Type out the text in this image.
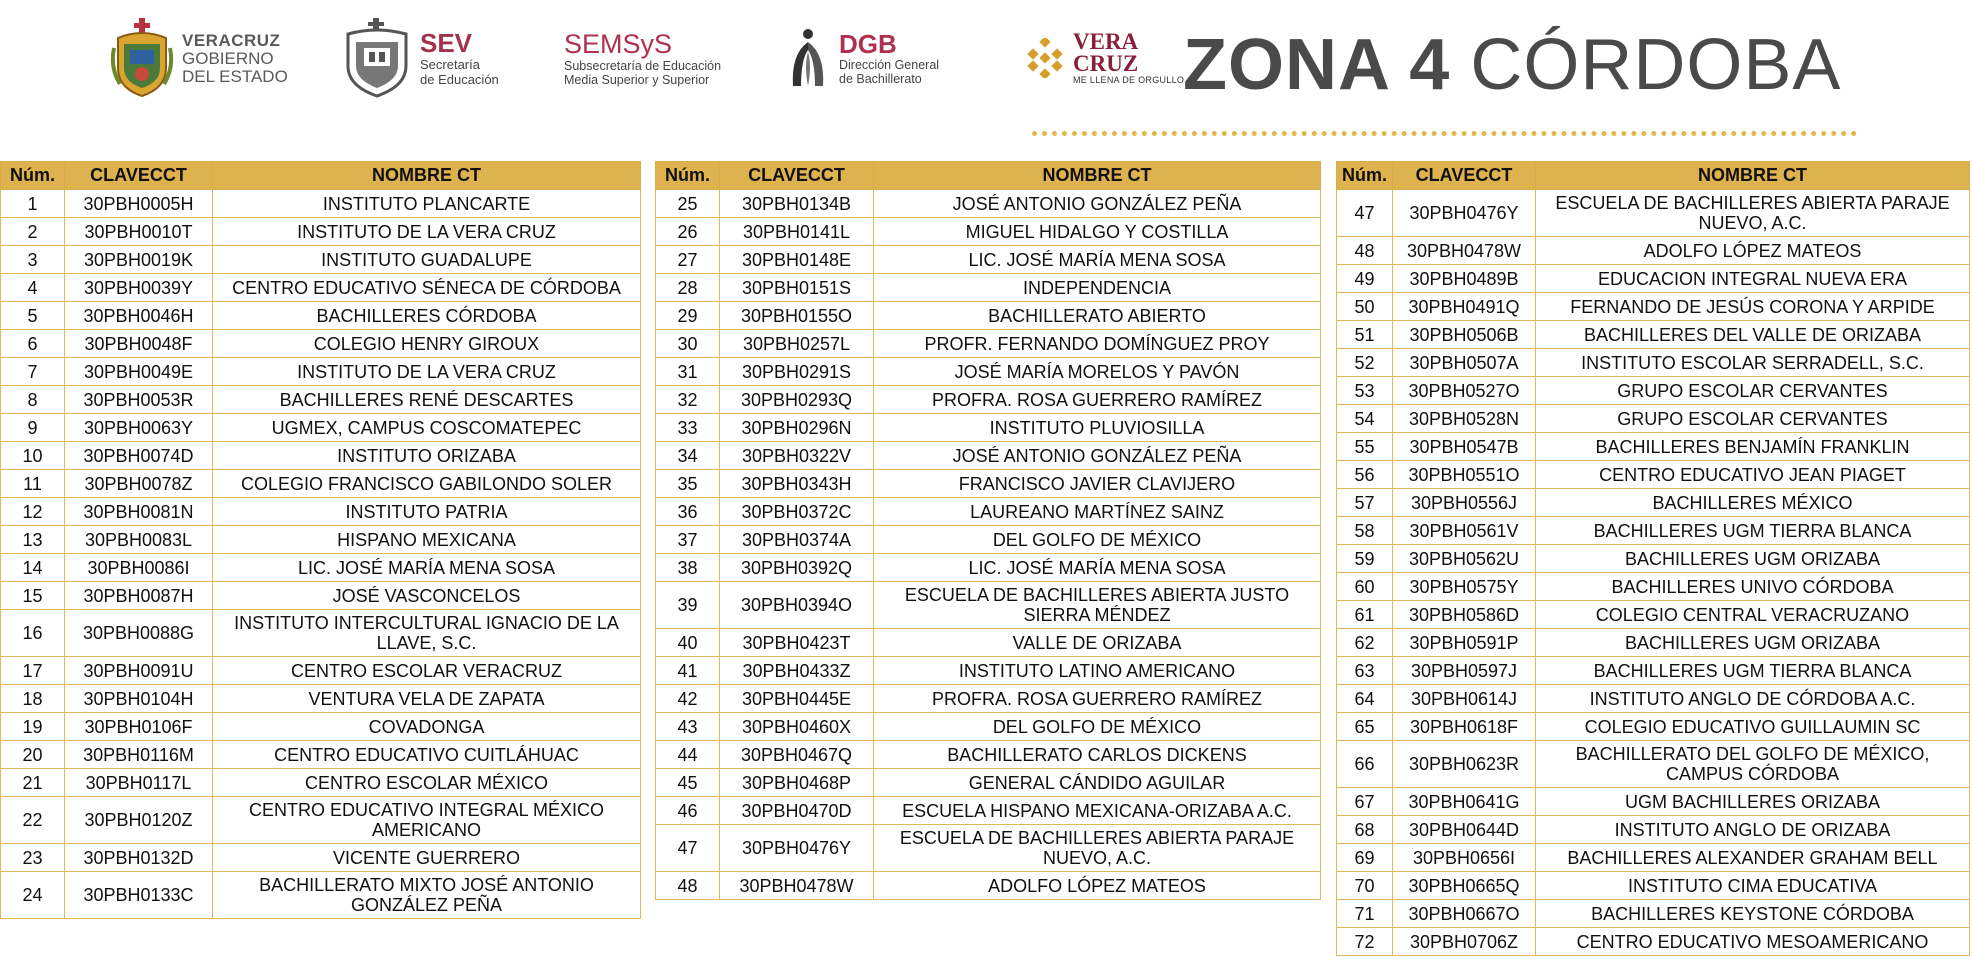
VERACRUZ
GOBIERNO
DEL ESTADO
SEV
Secretaría
de Educación
SEMSyS
Subsecretaría de Educación
Media Superior y Superior
DGB
Dirección General
de Bachillerato
VERA
CRUZ
ME LLENA DE ORGULLO
ZONA 4 CÓRDOBA
Núm.	CLAVECCT	NOMBRE CT
1	30PBH0005H	INSTITUTO PLANCARTE
2	30PBH0010T	INSTITUTO DE LA VERA CRUZ
3	30PBH0019K	INSTITUTO GUADALUPE
4	30PBH0039Y	CENTRO EDUCATIVO SÉNECA DE CÓRDOBA
5	30PBH0046H	BACHILLERES CÓRDOBA
6	30PBH0048F	COLEGIO HENRY GIROUX
7	30PBH0049E	INSTITUTO DE LA VERA CRUZ
8	30PBH0053R	BACHILLERES RENÉ DESCARTES
9	30PBH0063Y	UGMEX, CAMPUS COSCOMATEPEC
10	30PBH0074D	INSTITUTO ORIZABA
11	30PBH0078Z	COLEGIO FRANCISCO GABILONDO SOLER
12	30PBH0081N	INSTITUTO PATRIA
13	30PBH0083L	HISPANO MEXICANA
14	30PBH0086I	LIC. JOSÉ MARÍA MENA SOSA
15	30PBH0087H	JOSÉ VASCONCELOS
16	30PBH0088G	INSTITUTO INTERCULTURAL IGNACIO DE LA LLAVE, S.C.
17	30PBH0091U	CENTRO ESCOLAR VERACRUZ
18	30PBH0104H	VENTURA VELA DE ZAPATA
19	30PBH0106F	COVADONGA
20	30PBH0116M	CENTRO EDUCATIVO CUITLÁHUAC
21	30PBH0117L	CENTRO ESCOLAR MÉXICO
22	30PBH0120Z	CENTRO EDUCATIVO INTEGRAL MÉXICO AMERICANO
23	30PBH0132D	VICENTE GUERRERO
24	30PBH0133C	BACHILLERATO MIXTO JOSÉ ANTONIO GONZÁLEZ PEÑA
Núm.	CLAVECCT	NOMBRE CT
25	30PBH0134B	JOSÉ ANTONIO GONZÁLEZ PEÑA
26	30PBH0141L	MIGUEL HIDALGO Y COSTILLA
27	30PBH0148E	LIC. JOSÉ MARÍA MENA SOSA
28	30PBH0151S	INDEPENDENCIA
29	30PBH0155O	BACHILLERATO ABIERTO
30	30PBH0257L	PROFR. FERNANDO DOMÍNGUEZ PROY
31	30PBH0291S	JOSÉ MARÍA MORELOS Y PAVÓN
32	30PBH0293Q	PROFRA. ROSA GUERRERO RAMÍREZ
33	30PBH0296N	INSTITUTO PLUVIOSILLA
34	30PBH0322V	JOSÉ ANTONIO GONZÁLEZ PEÑA
35	30PBH0343H	FRANCISCO JAVIER CLAVIJERO
36	30PBH0372C	LAUREANO MARTÍNEZ SAINZ
37	30PBH0374A	DEL GOLFO DE MÉXICO
38	30PBH0392Q	LIC. JOSÉ MARÍA MENA SOSA
39	30PBH0394O	ESCUELA DE BACHILLERES ABIERTA JUSTO SIERRA MÉNDEZ
40	30PBH0423T	VALLE DE ORIZABA
41	30PBH0433Z	INSTITUTO LATINO AMERICANO
42	30PBH0445E	PROFRA. ROSA GUERRERO RAMÍREZ
43	30PBH0460X	DEL GOLFO DE MÉXICO
44	30PBH0467Q	BACHILLERATO CARLOS DICKENS
45	30PBH0468P	GENERAL CÁNDIDO AGUILAR
46	30PBH0470D	ESCUELA HISPANO MEXICANA-ORIZABA A.C.
47	30PBH0476Y	ESCUELA DE BACHILLERES ABIERTA PARAJE NUEVO, A.C.
48	30PBH0478W	ADOLFO LÓPEZ MATEOS
Núm.	CLAVECCT	NOMBRE CT
47	30PBH0476Y	ESCUELA DE BACHILLERES ABIERTA PARAJE NUEVO, A.C.
48	30PBH0478W	ADOLFO LÓPEZ MATEOS
49	30PBH0489B	EDUCACION INTEGRAL NUEVA ERA
50	30PBH0491Q	FERNANDO DE JESÚS CORONA Y ARPIDE
51	30PBH0506B	BACHILLERES DEL VALLE DE ORIZABA
52	30PBH0507A	INSTITUTO ESCOLAR SERRADELL, S.C.
53	30PBH0527O	GRUPO ESCOLAR CERVANTES
54	30PBH0528N	GRUPO ESCOLAR CERVANTES
55	30PBH0547B	BACHILLERES BENJAMÍN FRANKLIN
56	30PBH0551O	CENTRO EDUCATIVO JEAN PIAGET
57	30PBH0556J	BACHILLERES MÉXICO
58	30PBH0561V	BACHILLERES UGM TIERRA BLANCA
59	30PBH0562U	BACHILLERES UGM ORIZABA
60	30PBH0575Y	BACHILLERES UNIVO CÓRDOBA
61	30PBH0586D	COLEGIO CENTRAL VERACRUZANO
62	30PBH0591P	BACHILLERES UGM ORIZABA
63	30PBH0597J	BACHILLERES UGM TIERRA BLANCA
64	30PBH0614J	INSTITUTO ANGLO DE CÓRDOBA A.C.
65	30PBH0618F	COLEGIO EDUCATIVO GUILLAUMIN SC
66	30PBH0623R	BACHILLERATO DEL GOLFO DE MÉXICO, CAMPUS CÓRDOBA
67	30PBH0641G	UGM BACHILLERES ORIZABA
68	30PBH0644D	INSTITUTO ANGLO DE ORIZABA
69	30PBH0656I	BACHILLERES ALEXANDER GRAHAM BELL
70	30PBH0665Q	INSTITUTO CIMA EDUCATIVA
71	30PBH0667O	BACHILLERES KEYSTONE CÓRDOBA
72	30PBH0706Z	CENTRO EDUCATIVO MESOAMERICANO
